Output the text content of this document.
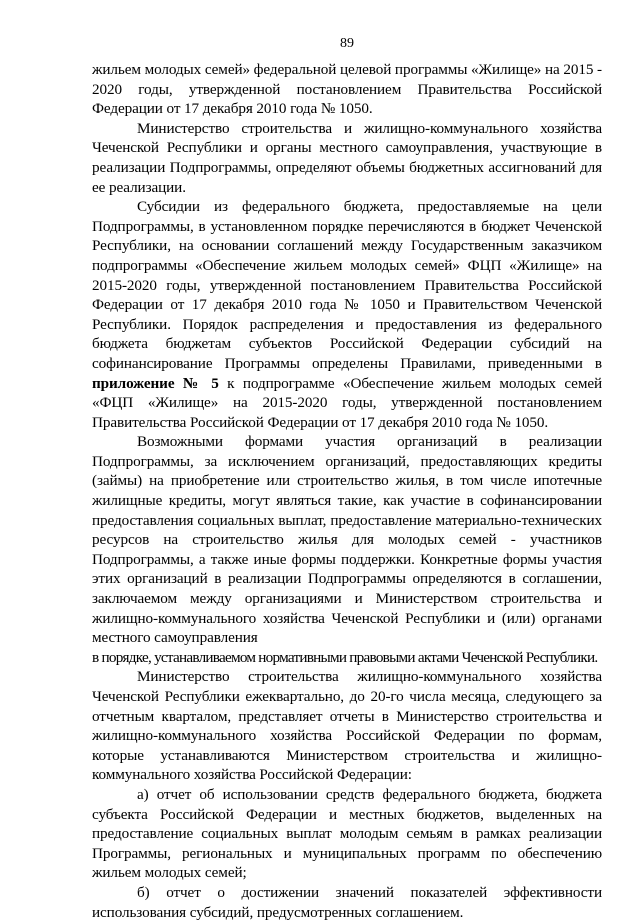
89

жильем молодых семей» федеральной целевой программы «Жилище» на 2015 - 2020 годы, утвержденной постановлением Правительства Российской Федерации от 17 декабря 2010 года № 1050.

Министерство строительства и жилищно-коммунального хозяйства Чеченской Республики и органы местного самоуправления, участвующие в реализации Подпрограммы, определяют объемы бюджетных ассигнований для ее реализации.

Субсидии из федерального бюджета, предоставляемые на цели Подпрограммы, в установленном порядке перечисляются в бюджет Чеченской Республики, на основании соглашений между Государственным заказчиком подпрограммы «Обеспечение жильем молодых семей» ФЦП «Жилище» на 2015-2020 годы, утвержденной постановлением Правительства Российской Федерации от 17 декабря 2010 года № 1050 и Правительством Чеченской Республики. Порядок распределения и предоставления из федерального бюджета бюджетам субъектов Российской Федерации субсидий на софинансирование Программы определены Правилами, приведенными в приложение № 5 к подпрограмме «Обеспечение жильем молодых семей «ФЦП «Жилище» на 2015-2020 годы, утвержденной постановлением Правительства Российской Федерации от 17 декабря 2010 года № 1050.

Возможными формами участия организаций в реализации Подпрограммы, за исключением организаций, предоставляющих кредиты (займы) на приобретение или строительство жилья, в том числе ипотечные жилищные кредиты, могут являться такие, как участие в софинансировании предоставления социальных выплат, предоставление материально-технических ресурсов на строительство жилья для молодых семей - участников Подпрограммы, а также иные формы поддержки. Конкретные формы участия этих организаций в реализации Подпрограммы определяются в соглашении, заключаемом между организациями и Министерством строительства и жилищно-коммунального хозяйства Чеченской Республики и (или) органами местного самоуправления

в порядке, устанавливаемом нормативными правовыми актами Чеченской Республики.

Министерство строительства жилищно-коммунального хозяйства Чеченской Республики ежеквартально, до 20-го числа месяца, следующего за отчетным кварталом, представляет отчеты в Министерство строительства и жилищно-коммунального хозяйства Российской Федерации по формам, которые устанавливаются Министерством строительства и жилищно-коммунального хозяйства Российской Федерации:

а) отчет об использовании средств федерального бюджета, бюджета субъекта Российской Федерации и местных бюджетов, выделенных на предоставление социальных выплат молодым семьям в рамках реализации Программы, региональных и муниципальных программ по обеспечению жильем молодых семей;

б) отчет о достижении значений показателей эффективности использования субсидий, предусмотренных соглашением.
